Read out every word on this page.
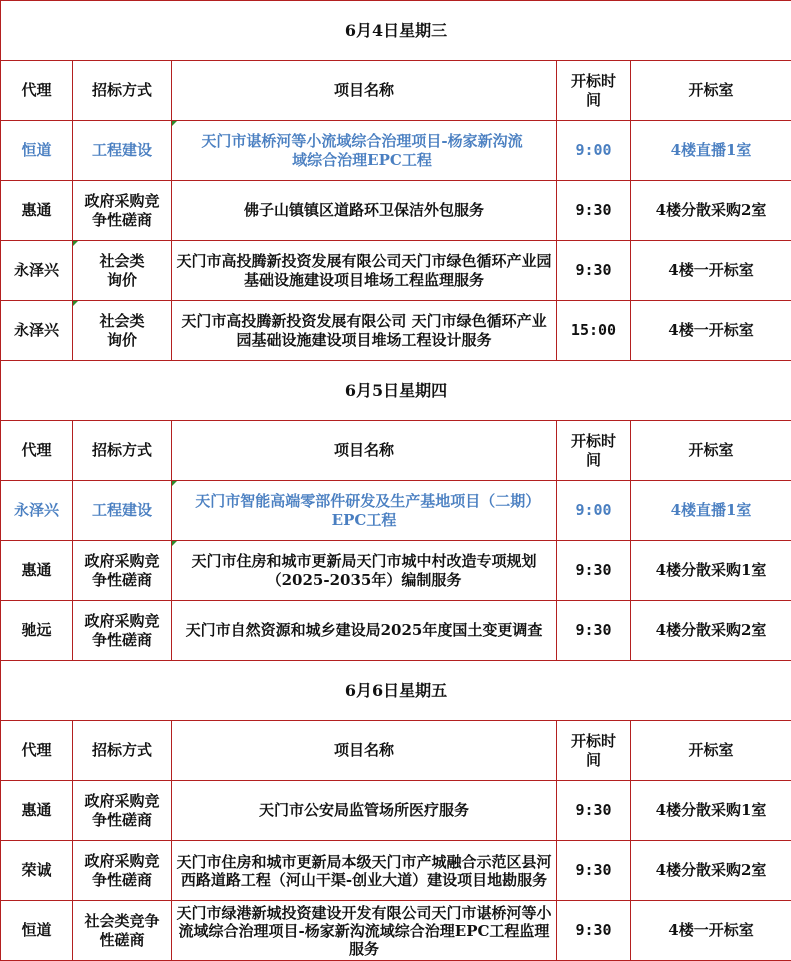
6月4日星期三				
代理	招标方式	项目名称	开标时间	开标室
恒道	工程建设	天门市谌桥河等小流域综合治理项目-杨家新沟流域综合治理EPC工程	9:00	4楼直播1室
惠通	政府采购竞争性磋商	佛子山镇镇区道路环卫保洁外包服务	9:30	4楼分散采购2室
永泽兴	社会类询价	天门市高投腾新投资发展有限公司天门市绿色循环产业园基础设施建设项目堆场工程监理服务	9:30	4楼一开标室
永泽兴	社会类询价	天门市高投腾新投资发展有限公司 天门市绿色循环产业园基础设施建设项目堆场工程设计服务	15:00	4楼一开标室
6月5日星期四				
代理	招标方式	项目名称	开标时间	开标室
永泽兴	工程建设	天门市智能高端零部件研发及生产基地项目（二期）EPC工程	9:00	4楼直播1室
惠通	政府采购竞争性磋商	天门市住房和城市更新局天门市城中村改造专项规划（2025-2035年）编制服务	9:30	4楼分散采购1室
驰远	政府采购竞争性磋商	天门市自然资源和城乡建设局2025年度国土变更调查	9:30	4楼分散采购2室
6月6日星期五				
代理	招标方式	项目名称	开标时间	开标室
惠通	政府采购竞争性磋商	天门市公安局监管场所医疗服务	9:30	4楼分散采购1室
荣诚	政府采购竞争性磋商	天门市住房和城市更新局本级天门市产城融合示范区县河西路道路工程（河山干渠-创业大道）建设项目地勘服务	9:30	4楼分散采购2室
恒道	社会类竞争性磋商	天门市绿港新城投资建设开发有限公司天门市谌桥河等小流域综合治理项目-杨家新沟流域综合治理EPC工程监理服务	9:30	4楼一开标室
